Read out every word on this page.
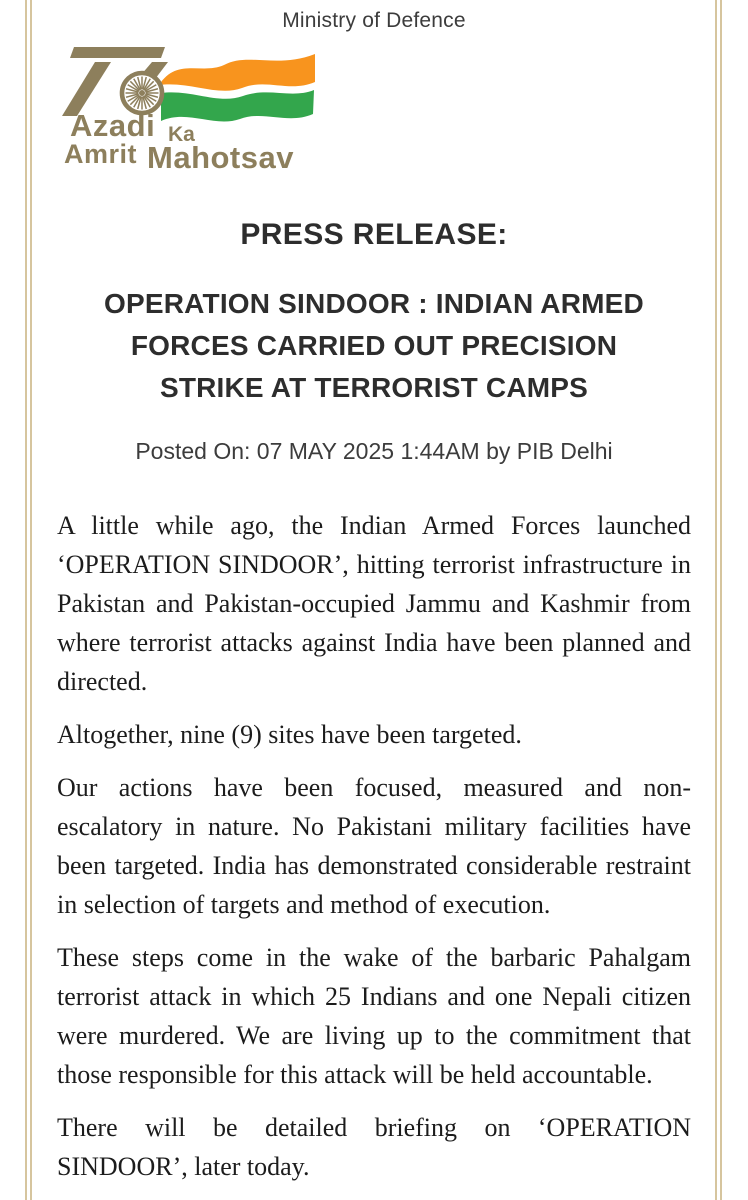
Ministry of Defence
Azadi Ka
Amrit Mahotsav
PRESS RELEASE:
OPERATION SINDOOR : INDIAN ARMED
FORCES CARRIED OUT PRECISION
STRIKE AT TERRORIST CAMPS
Posted On: 07 MAY 2025 1:44AM by PIB Delhi

A little while ago, the Indian Armed Forces launched ‘OPERATION SINDOOR’, hitting terrorist infrastructure in Pakistan and Pakistan-occupied Jammu and Kashmir from where terrorist attacks against India have been planned and directed.

Altogether, nine (9) sites have been targeted.

Our actions have been focused, measured and non-escalatory in nature. No Pakistani military facilities have been targeted. India has demonstrated considerable restraint in selection of targets and method of execution.

These steps come in the wake of the barbaric Pahalgam terrorist attack in which 25 Indians and one Nepali citizen were murdered. We are living up to the commitment that those responsible for this attack will be held accountable.

There will be detailed briefing on ‘OPERATION SINDOOR’, later today.
